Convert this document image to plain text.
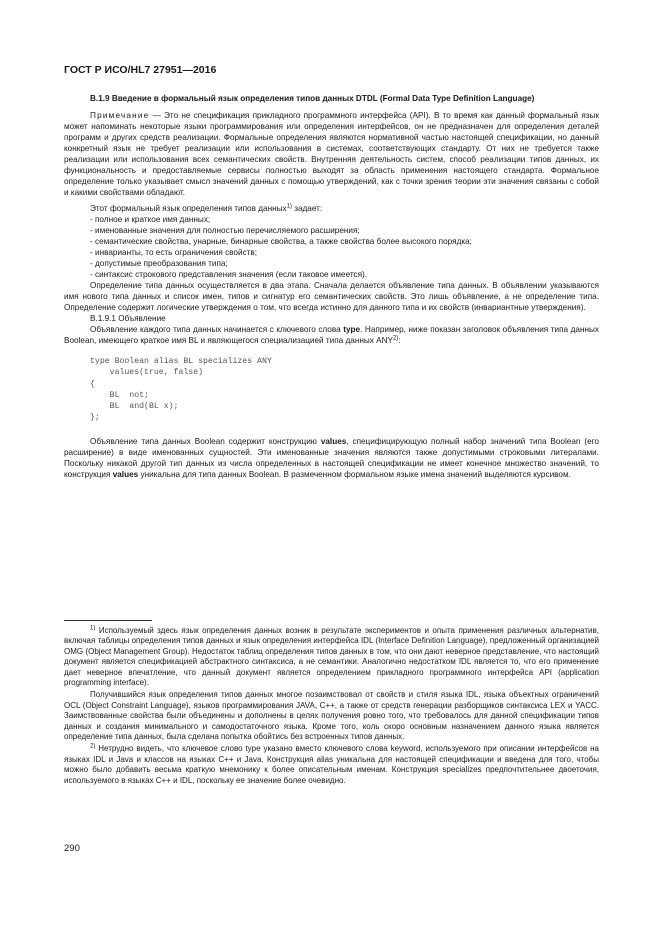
ГОСТ Р ИСО/HL7 27951—2016

B.1.9 Введение в формальный язык определения типов данных DTDL (Formal Data Type Definition Language)

Примечание — Это не спецификация прикладного программного интерфейса (API). В то время как данный формальный язык может напоминать некоторые языки программирования или определения интерфейсов, он не предназначен для определения деталей программ и других средств реализации. Формальные определения являются нормативной частью настоящей спецификации, но данный конкретный язык не требует реализации или использования в системах, соответствующих стандарту. От них не требуется также реализации или использования всех семантических свойств. Внутренняя деятельность систем, способ реализации типов данных, их функциональность и предоставляемые сервисы полностью выходят за область применения настоящего стандарта. Формальное определение только указывает смысл значений данных с помощью утверждений, как с точки зрения теории эти значения связаны с собой и какими свойствами обладают.

Этот формальный язык определения типов данных$^{1)}$ задает:

- полное и краткое имя данных;
- именованные значения для полностью перечисляемого расширения;
- семантические свойства, унарные, бинарные свойства, а также свойства более высокого порядка;
- инварианты, то есть ограничения свойств;
- допустимые преобразования типа;
- синтаксис строкового представления значения (если таковое имеется).

Определение типа данных осуществляется в два этапа. Сначала делается объявление типа данных. В объявлении указываются имя нового типа данных и список имен, типов и сигнатур его семантических свойств. Это лишь объявление, а не определение типа. Определение содержит логические утверждения о том, что всегда истинно для данного типа и их свойств (инвариантные утверждения).

B.1.9.1 Объявление

Объявление каждого типа данных начинается с ключевого слова type. Например, ниже показан заголовок объявления типа данных Boolean, имеющего краткое имя BL и являющегося специализацией типа данных ANY$^{2)}$:

type Boolean alias BL specializes ANY
values(true, false)
{
BL  not;
BL  and(BL x);
};

Объявление типа данных Boolean содержит конструкцию values, специфицирующую полный набор значений типа Boolean (его расширение) в виде именованных сущностей. Эти именованные значения являются также допустимыми строковыми литералами. Поскольку никакой другой тип данных из числа определенных в настоящей спецификации не имеет конечное множество значений, то конструкция values уникальна для типа данных Boolean. В размеченном формальном языке имена значений выделяются курсивом.

$^{1)}$ Используемый здесь язык определения данных возник в результате экспериментов и опыта применения различных альтернатив, включая таблицы определения типов данных и язык определения интерфейса IDL (Interface Definition Language), предложенный организацией OMG (Object Management Group). Недостаток таблиц определения типов данных в том, что они дают неверное представление, что настоящий документ является спецификацией абстрактного синтаксиса, а не семантики. Аналогично недостатком IDL является то, что его применение дает неверное впечатление, что данный документ является определением прикладного программного интерфейса API (application programming interface).

Получившийся язык определения типов данных многое позаимствовал от свойств и стиля языка IDL, языка объектных ограничений OCL (Object Constraint Language), языков программирования JAVA, C++, а также от средств генерации разборщиков синтаксиса LEX и YACC. Заимствованные свойства были объединены и дополнены в целях получения ровно того, что требовалось для данной спецификации типов данных и создания минимального и самодостаточного языка. Кроме того, коль скоро основным назначением данного языка является определение типа данных, была сделана попытка обойтись без встроенных типов данных.

$^{2)}$ Нетрудно видеть, что ключевое слово type указано вместо ключевого слова keyword, используемого при описании интерфейсов на языках IDL и Java и классов на языках C++ и Java. Конструкция alias уникальна для настоящей спецификации и введена для того, чтобы можно было добавить весьма краткую мнемонику к более описательным именам. Конструкция specializes предпочтительнее двоеточия, используемого в языках C++ и IDL, поскольку ее значение более очевидно.

290
